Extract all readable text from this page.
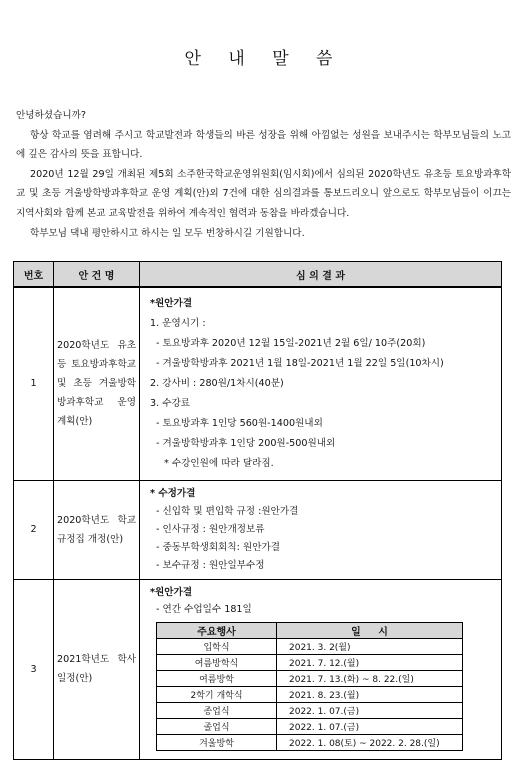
안 내 말 씀

안녕하셨습니까?

항상 학교를 염려해 주시고 학교발전과 학생들의 바른 성장을 위해 아낌없는 성원을 보내주시는 학부모님들의 노고에 깊은 감사의 뜻을 표합니다.

2020년 12월 29일 개최된 제5회 소주한국학교운영위원회(임시회)에서 심의된 2020학년도 유초등 토요방과후학교 및 초등 겨울방학방과후학교 운영 계획(안)외 7건에 대한 심의결과를 통보드리오니 앞으로도 학부모님들이 이끄는 지역사회와 함께 본교 교육발전을 위하여 계속적인 협력과 동참을 바라겠습니다.

학부모님 댁내 평안하시고 하시는 일 모두 번창하시길 기원합니다.

번호	안 건 명	심 의 결 과
1	2020학년도 유초등 토요방과후학교 및 초등 겨울방학 방과후학교 운영 계획(안)	
*원안가결
1. 운영시기 :
- 토요방과후 2020년 12월 15일-2021년 2월 6일/ 10주(20회)
- 겨울방학방과후 2021년 1월 18일-2021년 1월 22일 5일(10차시)
2. 강사비 : 280원/1차시(40분)
3. 수강료
- 토요방과후 1인당 560원-1400원내외
- 겨울방학방과후 1인당 200원-500원내외
* 수강인원에 따라 달라짐.

2	2020학년도 학교규정집 개정(안)	
* 수정가결
- 신입학 및 편입학 규정 :원안가결
- 인사규정 : 원안개정보류
- 중동부학생회회칙: 원안가결
- 보수규정 : 원안일부수정

3	2021학년도 학사일정(안)	
*원안가결
- 연간 수업일수 181일
주요행사	일     시
입학식	2021. 3. 2(월)
여름방학식	2021. 7. 12.(월)
여름방학	2021. 7. 13.(화) ~ 8. 22.(일)
2학기 개학식	2021. 8. 23.(월)
종업식	2022. 1. 07.(금)
졸업식	2022. 1. 07.(금)
겨울방학	2022. 1. 08(토) ~ 2022. 2. 28.(일)
